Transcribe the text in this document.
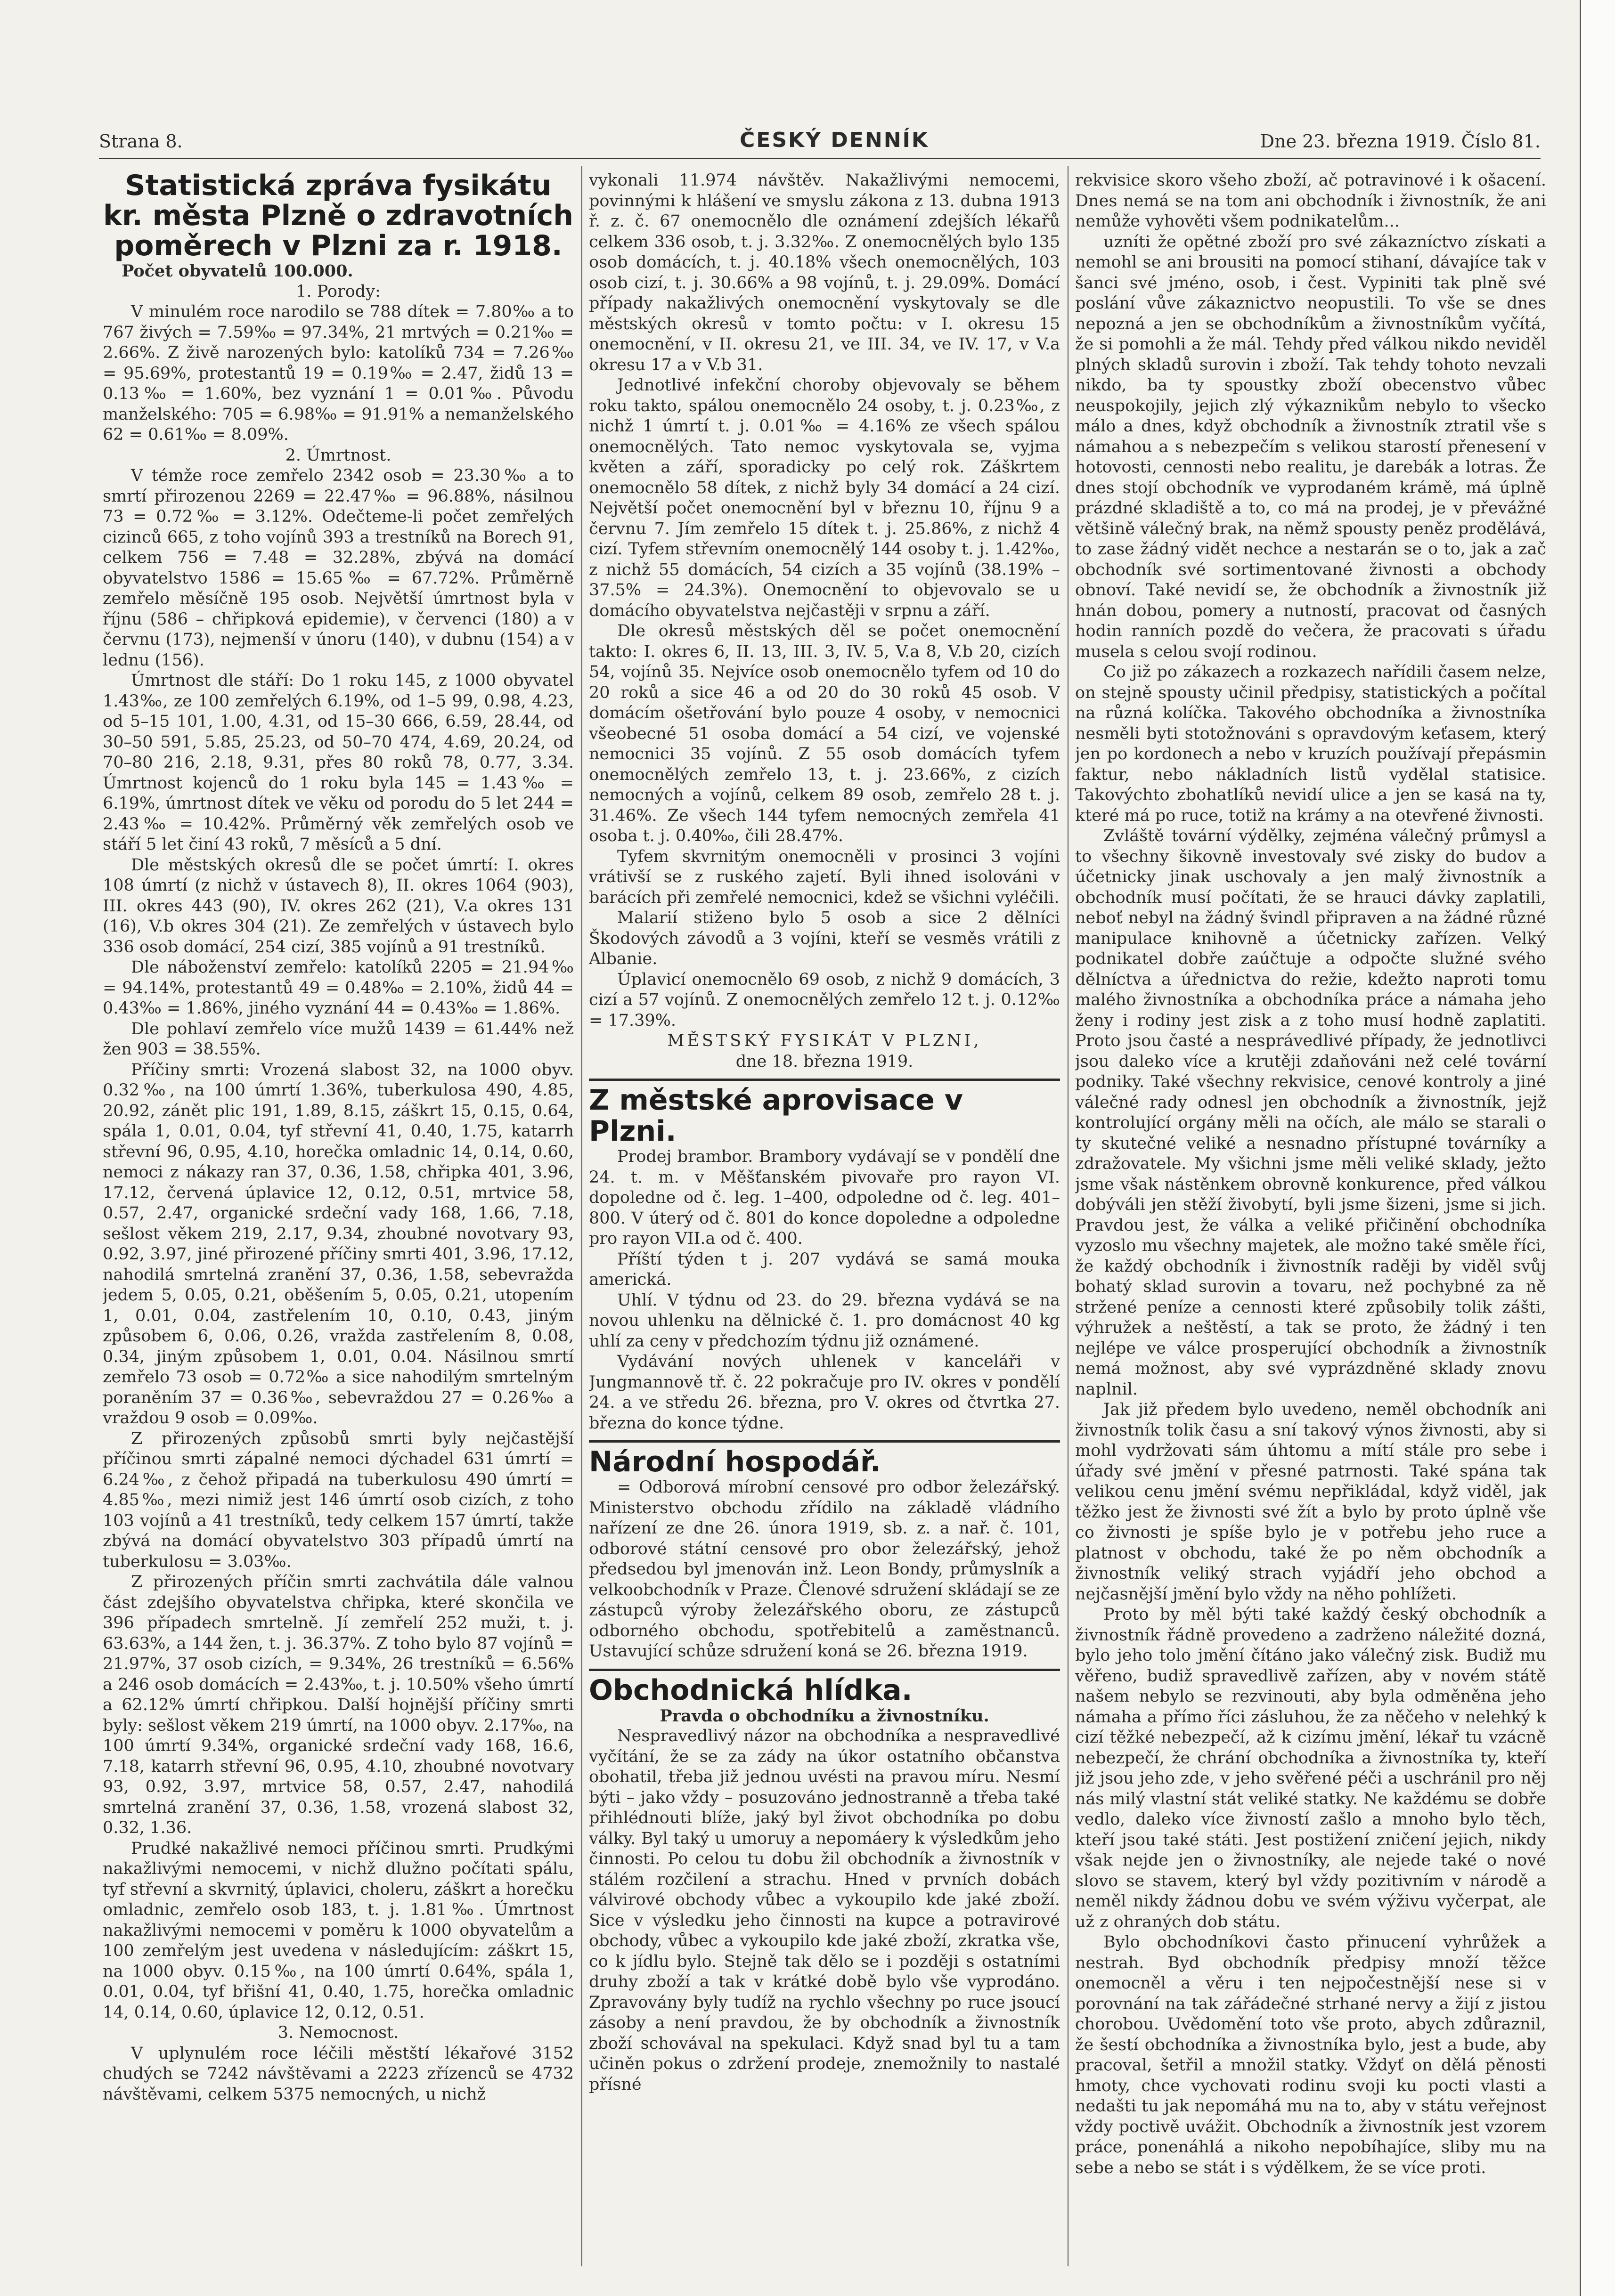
Strana 8.	ČESKÝ DENNÍK	Dne 23. března 1919. Číslo 81.

Statistická zpráva fysikátu kr. města Plzně o zdravotních poměrech v Plzni za r. 1918.

Počet obyvatelů 100.000.

1. Porody:

V minulém roce narodilo se 788 dítek = 7.80‰ a to 767 živých = 7.59‰ = 97.34%, 21 mrtvých = 0.21‰ = 2.66%. Z živě narozených bylo: katolíků 734 = 7.26‰ = 95.69%, protestantů 19 = 0.19‰ = 2.47, židů 13 = 0.13‰ = 1.60%, bez vyznání 1 = 0.01‰. Původu manželského: 705 = 6.98‰ = 91.91% a nemanželského 62 = 0.61‰ = 8.09%.

2. Úmrtnost.

V témže roce zemřelo 2342 osob = 23.30‰ a to smrtí přirozenou 2269 = 22.47‰ = 96.88%, násilnou 73 = 0.72‰ = 3.12%. Odečteme-li počet zemřelých cizinců 665, z toho vojínů 393 a trestníků na Borech 91, celkem 756 = 7.48 = 32.28%, zbývá na domácí obyvatelstvo 1586 = 15.65‰ = 67.72%. Průměrně zemřelo měsíčně 195 osob. Největší úmrtnost byla v říjnu (586 – chřipková epidemie), v červenci (180) a v červnu (173), nejmenší v únoru (140), v dubnu (154) a v lednu (156).

Úmrtnost dle stáří: Do 1 roku 145, z 1000 obyvatel 1.43‰, ze 100 zemřelých 6.19%, od 1–5 99, 0.98, 4.23, od 5–15 101, 1.00, 4.31, od 15–30 666, 6.59, 28.44, od 30–50 591, 5.85, 25.23, od 50–70 474, 4.69, 20.24, od 70–80 216, 2.18, 9.31, přes 80 roků 78, 0.77, 3.34. Úmrtnost kojenců do 1 roku byla 145 = 1.43‰ = 6.19%, úmrtnost dítek ve věku od porodu do 5 let 244 = 2.43‰ = 10.42%. Průměrný věk zemřelých osob ve stáří 5 let činí 43 roků, 7 měsíců a 5 dní.

Dle městských okresů dle se počet úmrtí: I. okres 108 úmrtí (z nichž v ústavech 8), II. okres 1064 (903), III. okres 443 (90), IV. okres 262 (21), V.a okres 131 (16), V.b okres 304 (21). Ze zemřelých v ústavech bylo 336 osob domácí, 254 cizí, 385 vojínů a 91 trestníků.

Dle náboženství zemřelo: katolíků 2205 = 21.94‰ = 94.14%, protestantů 49 = 0.48‰ = 2.10%, židů 44 = 0.43‰ = 1.86%, jiného vyznání 44 = 0.43‰ = 1.86%.

Dle pohlaví zemřelo více mužů 1439 = 61.44% než žen 903 = 38.55%.

Příčiny smrti: Vrozená slabost 32, na 1000 obyv. 0.32‰, na 100 úmrtí 1.36%, tuberkulosa 490, 4.85, 20.92, zánět plic 191, 1.89, 8.15, záškrt 15, 0.15, 0.64, spála 1, 0.01, 0.04, tyf střevní 41, 0.40, 1.75, katarrh střevní 96, 0.95, 4.10, horečka omladnic 14, 0.14, 0.60, nemoci z nákazy ran 37, 0.36, 1.58, chřipka 401, 3.96, 17.12, červená úplavice 12, 0.12, 0.51, mrtvice 58, 0.57, 2.47, organické srdeční vady 168, 1.66, 7.18, sešlost věkem 219, 2.17, 9.34, zhoubné novotvary 93, 0.92, 3.97, jiné přirozené příčiny smrti 401, 3.96, 17.12, nahodilá smrtelná zranění 37, 0.36, 1.58, sebevražda jedem 5, 0.05, 0.21, oběšením 5, 0.05, 0.21, utopením 1, 0.01, 0.04, zastřelením 10, 0.10, 0.43, jiným způsobem 6, 0.06, 0.26, vražda zastřelením 8, 0.08, 0.34, jiným způsobem 1, 0.01, 0.04. Násilnou smrtí zemřelo 73 osob = 0.72‰ a sice nahodilým smrtelným poraněním 37 = 0.36‰, sebevraždou 27 = 0.26‰ a vraždou 9 osob = 0.09‰.

Z přirozených způsobů smrti byly nejčastější příčinou smrti zápalné nemoci dýchadel 631 úmrtí = 6.24‰, z čehož připadá na tuberkulosu 490 úmrtí = 4.85‰, mezi nimiž jest 146 úmrtí osob cizích, z toho 103 vojínů a 41 trestníků, tedy celkem 157 úmrtí, takže zbývá na domácí obyvatelstvo 303 případů úmrtí na tuberkulosu = 3.03‰.

Z přirozených příčin smrti zachvátila dále valnou část zdejšího obyvatelstva chřipka, které skončila ve 396 případech smrtelně. Jí zemřelí 252 muži, t. j. 63.63%, a 144 žen, t. j. 36.37%. Z toho bylo 87 vojínů = 21.97%, 37 osob cizích, = 9.34%, 26 trestníků = 6.56% a 246 osob domácích = 2.43‰, t. j. 10.50% všeho úmrtí a 62.12% úmrtí chřipkou. Další hojnější příčiny smrti byly: sešlost věkem 219 úmrtí, na 1000 obyv. 2.17‰, na 100 úmrtí 9.34%, organické srdeční vady 168, 16.6, 7.18, katarrh střevní 96, 0.95, 4.10, zhoubné novotvary 93, 0.92, 3.97, mrtvice 58, 0.57, 2.47, nahodilá smrtelná zranění 37, 0.36, 1.58, vrozená slabost 32, 0.32, 1.36.

Prudké nakažlivé nemoci příčinou smrti. Prudkými nakažlivými nemocemi, v nichž dlužno počítati spálu, tyf střevní a skvrnitý, úplavici, choleru, záškrt a horečku omladnic, zemřelo osob 183, t. j. 1.81‰. Úmrtnost nakažlivými nemocemi v poměru k 1000 obyvatelům a 100 zemřelým jest uvedena v následujícím: záškrt 15, na 1000 obyv. 0.15‰, na 100 úmrtí 0.64%, spála 1, 0.01, 0.04, tyf břišní 41, 0.40, 1.75, horečka omladnic 14, 0.14, 0.60, úplavice 12, 0.12, 0.51.

3. Nemocnost.

V uplynulém roce léčili městští lékařové 3152 chudých se 7242 návštěvami a 2223 zřízenců se 4732 návštěvami, celkem 5375 nemocných, u nichž

vykonali 11.974 návštěv. Nakažlivými nemocemi, povinnými k hlášení ve smyslu zákona z 13. dubna 1913 ř. z. č. 67 onemocnělo dle oznámení zdejších lékařů celkem 336 osob, t. j. 3.32‰. Z onemocnělých bylo 135 osob domácích, t. j. 40.18% všech onemocnělých, 103 osob cizí, t. j. 30.66% a 98 vojínů, t. j. 29.09%. Domácí případy nakažlivých onemocnění vyskytovaly se dle městských okresů v tomto počtu: v I. okresu 15 onemocnění, v II. okresu 21, ve III. 34, ve IV. 17, v V.a okresu 17 a v V.b 31.

Jednotlivé infekční choroby objevovaly se během roku takto, spálou onemocnělo 24 osoby, t. j. 0.23‰, z nichž 1 úmrtí t. j. 0.01‰ = 4.16% ze všech spálou onemocnělých. Tato nemoc vyskytovala se, vyjma květen a září, sporadicky po celý rok. Záškrtem onemocnělo 58 dítek, z nichž byly 34 domácí a 24 cizí. Největší počet onemocnění byl v březnu 10, říjnu 9 a červnu 7. Jím zemřelo 15 dítek t. j. 25.86%, z nichž 4 cizí. Tyfem střevním onemocnělý 144 osoby t. j. 1.42‰, z nichž 55 domácích, 54 cizích a 35 vojínů (38.19% – 37.5% = 24.3%). Onemocnění to objevovalo se u domácího obyvatelstva nejčastěji v srpnu a září.

Dle okresů městských děl se počet onemocnění takto: I. okres 6, II. 13, III. 3, IV. 5, V.a 8, V.b 20, cizích 54, vojínů 35. Nejvíce osob onemocnělo tyfem od 10 do 20 roků a sice 46 a od 20 do 30 roků 45 osob. V domácím ošetřování bylo pouze 4 osoby, v nemocnici všeobecné 51 osoba domácí a 54 cizí, ve vojenské nemocnici 35 vojínů. Z 55 osob domácích tyfem onemocnělých zemřelo 13, t. j. 23.66%, z cizích nemocných a vojínů, celkem 89 osob, zemřelo 28 t. j. 31.46%. Ze všech 144 tyfem nemocných zemřela 41 osoba t. j. 0.40‰, čili 28.47%.

Tyfem skvrnitým onemocněli v prosinci 3 vojíni vrátivší se z ruského zajetí. Byli ihned isolováni v barácích při zemřelé nemocnici, kdež se všichni vyléčili.

Malarií stiženo bylo 5 osob a sice 2 dělníci Škodových závodů a 3 vojíni, kteří se vesměs vrátili z Albanie.

Úplavicí onemocnělo 69 osob, z nichž 9 domácích, 3 cizí a 57 vojínů. Z onemocnělých zemřelo 12 t. j. 0.12‰ = 17.39%.

MĚSTSKÝ FYSIKÁT V PLZNI,

dne 18. března 1919.

Z městské aprovisace v Plzni.

Prodej brambor. Brambory vydávají se v pondělí dne 24. t. m. v Měšťanském pivovaře pro rayon VI. dopoledne od č. leg. 1–400, odpoledne od č. leg. 401–800. V úterý od č. 801 do konce dopoledne a odpoledne pro rayon VII.a od č. 400.

Příští týden t j. 207 vydává se samá mouka americká.

Uhlí. V týdnu od 23. do 29. března vydává se na novou uhlenku na dělnické č. 1. pro domácnost 40 kg uhlí za ceny v předchozím týdnu již oznámené.

Vydávání nových uhlenek v kanceláři v Jungmannově tř. č. 22 pokračuje pro IV. okres v pondělí 24. a ve středu 26. března, pro V. okres od čtvrtka 27. března do konce týdne.

Národní hospodář.

= Odborová mírobní censové pro odbor železářský. Ministerstvo obchodu zřídilo na základě vládního nařízení ze dne 26. února 1919, sb. z. a nař. č. 101, odborové státní censové pro obor železářský, jehož předsedou byl jmenován inž. Leon Bondy, průmyslník a velkoobchodník v Praze. Členové sdružení skládají se ze zástupců výroby železářského oboru, ze zástupců odborného obchodu, spotřebitelů a zaměstnanců. Ustavující schůze sdružení koná se 26. března 1919.

Obchodnická hlídka.

Pravda o obchodníku a živnostníku.

Nespravedlivý názor na obchodníka a nespravedlivé vyčítání, že se za zády na úkor ostatního občanstva obohatil, třeba již jednou uvésti na pravou míru. Nesmí býti – jako vždy – posuzováno jednostranně a třeba také přihlédnouti blíže, jaký byl život obchodníka po dobu války. Byl taký u umoruy a nepomáery k výsledkům jeho činnosti. Po celou tu dobu žil obchodník a živnostník v stálém rozčilení a strachu. Hned v prvních dobách válvirové obchody vůbec a vykoupilo kde jaké zboží. Sice v výsledku jeho činnosti na kupce a potravirové obchody, vůbec a vykoupilo kde jaké zboží, zkratka vše, co k jídlu bylo. Stejně tak dělo se i později s ostatními druhy zboží a tak v krátké době bylo vše vyprodáno. Zpravovány byly tudíž na rychlo všechny po ruce jsoucí zásoby a není pravdou, že by obchodník a živnostník zboží schovával na spekulaci. Když snad byl tu a tam učiněn pokus o zdržení prodeje, znemožnily to nastalé přísné

rekvisice skoro všeho zboží, ač potravinové i k ošacení. Dnes nemá se na tom ani obchodník i živnostník, že ani nemůže vyhověti všem podnikatelům...

uzníti že opětné zboží pro své zákazníctvo získati a nemohl se ani brousiti na pomocí stihaní, dávajíce tak v šanci své jméno, osob, i čest. Vypiniti tak plně své poslání vůve zákaznictvo neopustili. To vše se dnes nepozná a jen se obchodníkům a živnostníkům vyčítá, že si pomohli a že mál. Tehdy před válkou nikdo neviděl plných skladů surovin i zboží. Tak tehdy tohoto nevzali nikdo, ba ty spoustky zboží obecenstvo vůbec neuspokojily, jejich zlý výkaznikům nebylo to všecko málo a dnes, když obchodník a živnostník ztratil vše s námahou a s nebezpečím s velikou starostí přenesení v hotovosti, cennosti nebo realitu, je darebák a lotras. Že dnes stojí obchodník ve vyprodaném krámě, má úplně prázdné skladiště a to, co má na prodej, je v převážné většině válečný brak, na němž spousty peněz prodělává, to zase žádný vidět nechce a nestarán se o to, jak a zač obchodník své sortimentované živnosti a obchody obnoví. Také nevidí se, že obchodník a živnostník již hnán dobou, pomery a nutností, pracovat od časných hodin ranních pozdě do večera, že pracovati s úřadu musela s celou svojí rodinou.

Co již po zákazech a rozkazech nařídili časem nelze, on stejně spousty učinil předpisy, statistických a počítal na různá kolíčka. Takového obchodníka a živnostníka nesměli byti stotožnováni s opravdovým keťasem, který jen po kordonech a nebo v kruzích používají přepásmin faktur, nebo nákladních listů vydělal statisice. Takovýchto zbohatlíků nevidí ulice a jen se kasá na ty, které má po ruce, totiž na krámy a na otevřené živnosti.

Zvláště tovární výdělky, zejména válečný průmysl a to všechny šikovně investovaly své zisky do budov a účetnicky jinak uschovaly a jen malý živnostník a obchodník musí počítati, že se hrauci dávky zaplatili, neboť nebyl na žádný švindl připraven a na žádné různé manipulace knihovně a účetnicky zařízen. Velký podnikatel dobře zaúčtuje a odpočte služné svého dělníctva a úřednictva do režie, kdežto naproti tomu malého živnostníka a obchodníka práce a námaha jeho ženy i rodiny jest zisk a z toho musí hodně zaplatiti. Proto jsou časté a nesprávedlivé případy, že jednotlivci jsou daleko více a krutěji zdaňováni než celé tovární podniky. Také všechny rekvisice, cenové kontroly a jiné válečné rady odnesl jen obchodník a živnostník, jejž kontrolující orgány měli na očích, ale málo se starali o ty skutečné veliké a nesnadno přístupné továrníky a zdražovatele. My všichni jsme měli veliké sklady, ježto jsme však nástěnkem obrovně konkurence, před válkou dobýváli jen stěží živobytí, byli jsme šizeni, jsme si jich. Pravdou jest, že válka a veliké přičinění obchodníka vyzoslo mu všechny majetek, ale možno také směle říci, že každý obchodník i živnostník raději by viděl svůj bohatý sklad surovin a tovaru, než pochybné za ně stržené peníze a cennosti které způsobily tolik zášti, výhružek a neštěstí, a tak se proto, že žádný i ten nejlépe ve válce prosperující obchodník a živnostník nemá možnost, aby své vyprázdněné sklady znovu naplnil.

Jak již předem bylo uvedeno, neměl obchodník ani živnostník tolik času a sní takový výnos živnosti, aby si mohl vydržovati sám úhtomu a mítí stále pro sebe i úřady své jmění v přesné patrnosti. Také spána tak velikou cenu jmění svému nepřikládal, když viděl, jak těžko jest že živnosti své žít a bylo by proto úplně vše co živnosti je spíše bylo je v potřebu jeho ruce a platnost v obchodu, také že po něm obchodník a živnostník veliký strach vyjádří jeho obchod a nejčasnější jmění bylo vždy na něho pohlížeti.

Proto by měl býti také každý český obchodník a živnostník řádně provedeno a zadrženo náležité dozná, bylo jeho tolo jmění čítáno jako válečný zisk. Budiž mu věřeno, budiž spravedlivě zařízen, aby v novém státě našem nebylo se rezvinouti, aby byla odměněna jeho námaha a přímo říci zásluhou, že za něčeho v nelehký k cizí těžké nebezpečí, až k cizímu jmění, lékař tu vzácně nebezpečí, že chrání obchodníka a živnostníka ty, kteří již jsou jeho zde, v jeho svěřené péči a uschránil pro něj nás milý vlastní stát veliké statky. Ne každému se dobře vedlo, daleko více živností zašlo a mnoho bylo těch, kteří jsou také státi. Jest postižení zničení jejich, nikdy však nejde jen o živnostníky, ale nejede také o nové slovo se stavem, který byl vždy pozitivním v národě a neměl nikdy žádnou dobu ve svém výživu vyčerpat, ale už z ohraných dob státu.

Bylo obchodníkovi často přinucení vyhrůžek a nestrah. Byd obchodník předpisy množí těžce onemocněl a věru i ten nejpočestnější nese si v porovnání na tak zářádečné strhané nervy a žijí z jistou chorobou. Uvědomění toto vše proto, abych zdůraznil, že šestí obchodníka a živnostníka bylo, jest a bude, aby pracoval, šetřil a množil statky. Vždyť on dělá pěnosti hmoty, chce vychovati rodinu svoji ku pocti vlasti a nedašti tu jak nepomáhá mu na to, aby v státu veřejnost vždy poctivě uvážit. Obchodník a živnostník jest vzorem práce, ponenáhlá a nikoho nepobíhajíce, sliby mu na sebe a nebo se stát i s výdělkem, že se více proti.
